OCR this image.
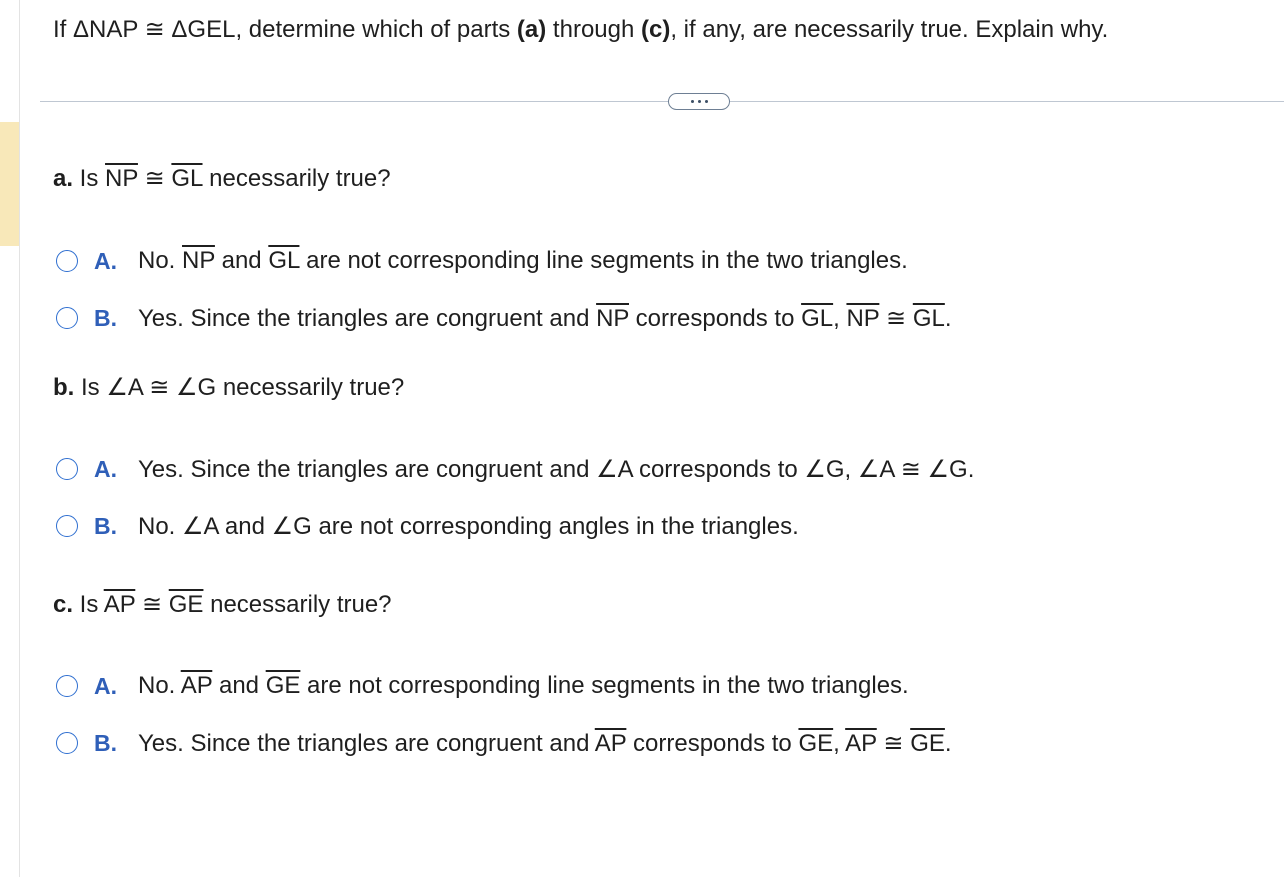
If ΔNAP ≅ ΔGEL, determine which of parts (a) through (c), if any, are necessarily true. Explain why.
a. Is $\overline{NP}$ ≅ $\overline{GL}$ necessarily true?
A. No. $\overline{NP}$ and $\overline{GL}$ are not corresponding line segments in the two triangles.
B. Yes. Since the triangles are congruent and $\overline{NP}$ corresponds to $\overline{GL}$, $\overline{NP}$ ≅ $\overline{GL}$.
b. Is ∠A ≅ ∠G necessarily true?
A. Yes. Since the triangles are congruent and ∠A corresponds to ∠G, ∠A ≅ ∠G.
B. No. ∠A and ∠G are not corresponding angles in the triangles.
c. Is $\overline{AP}$ ≅ $\overline{GE}$ necessarily true?
A. No. $\overline{AP}$ and $\overline{GE}$ are not corresponding line segments in the two triangles.
B. Yes. Since the triangles are congruent and $\overline{AP}$ corresponds to $\overline{GE}$, $\overline{AP}$ ≅ $\overline{GE}$.
